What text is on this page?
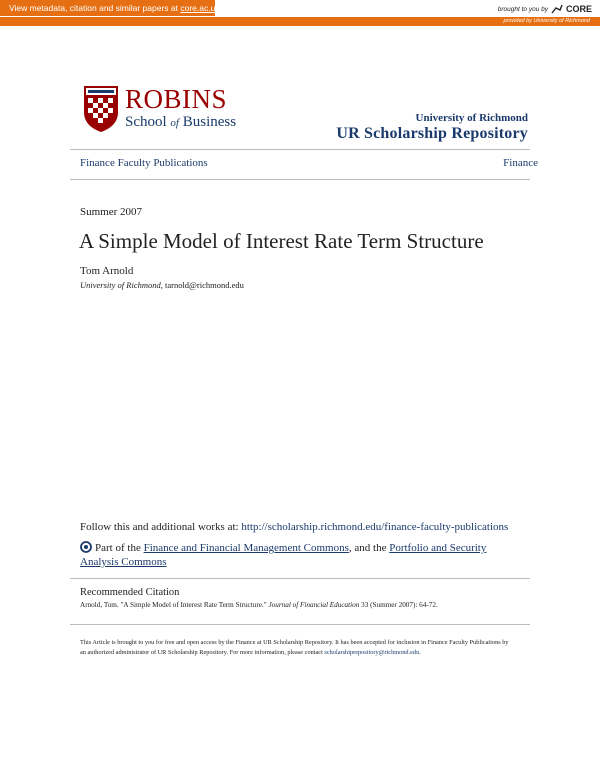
View metadata, citation and similar papers at core.ac.uk	brought to you by CORE
provided by University of Richmond
ROBINS
School of Business	University of Richmond
UR Scholarship Repository
Finance Faculty Publications	Finance
Summer 2007
A Simple Model of Interest Rate Term Structure
Tom Arnold
University of Richmond, tarnold@richmond.edu
Follow this and additional works at: http://scholarship.richmond.edu/finance-faculty-publications
Part of the Finance and Financial Management Commons, and the Portfolio and Security Analysis Commons
Recommended Citation
Arnold, Tom. "A Simple Model of Interest Rate Term Structure." Journal of Financial Education 33 (Summer 2007): 64-72.
This Article is brought to you for free and open access by the Finance at UR Scholarship Repository. It has been accepted for inclusion in Finance Faculty Publications by an authorized administrator of UR Scholarship Repository. For more information, please contact scholarshiprepository@richmond.edu.
